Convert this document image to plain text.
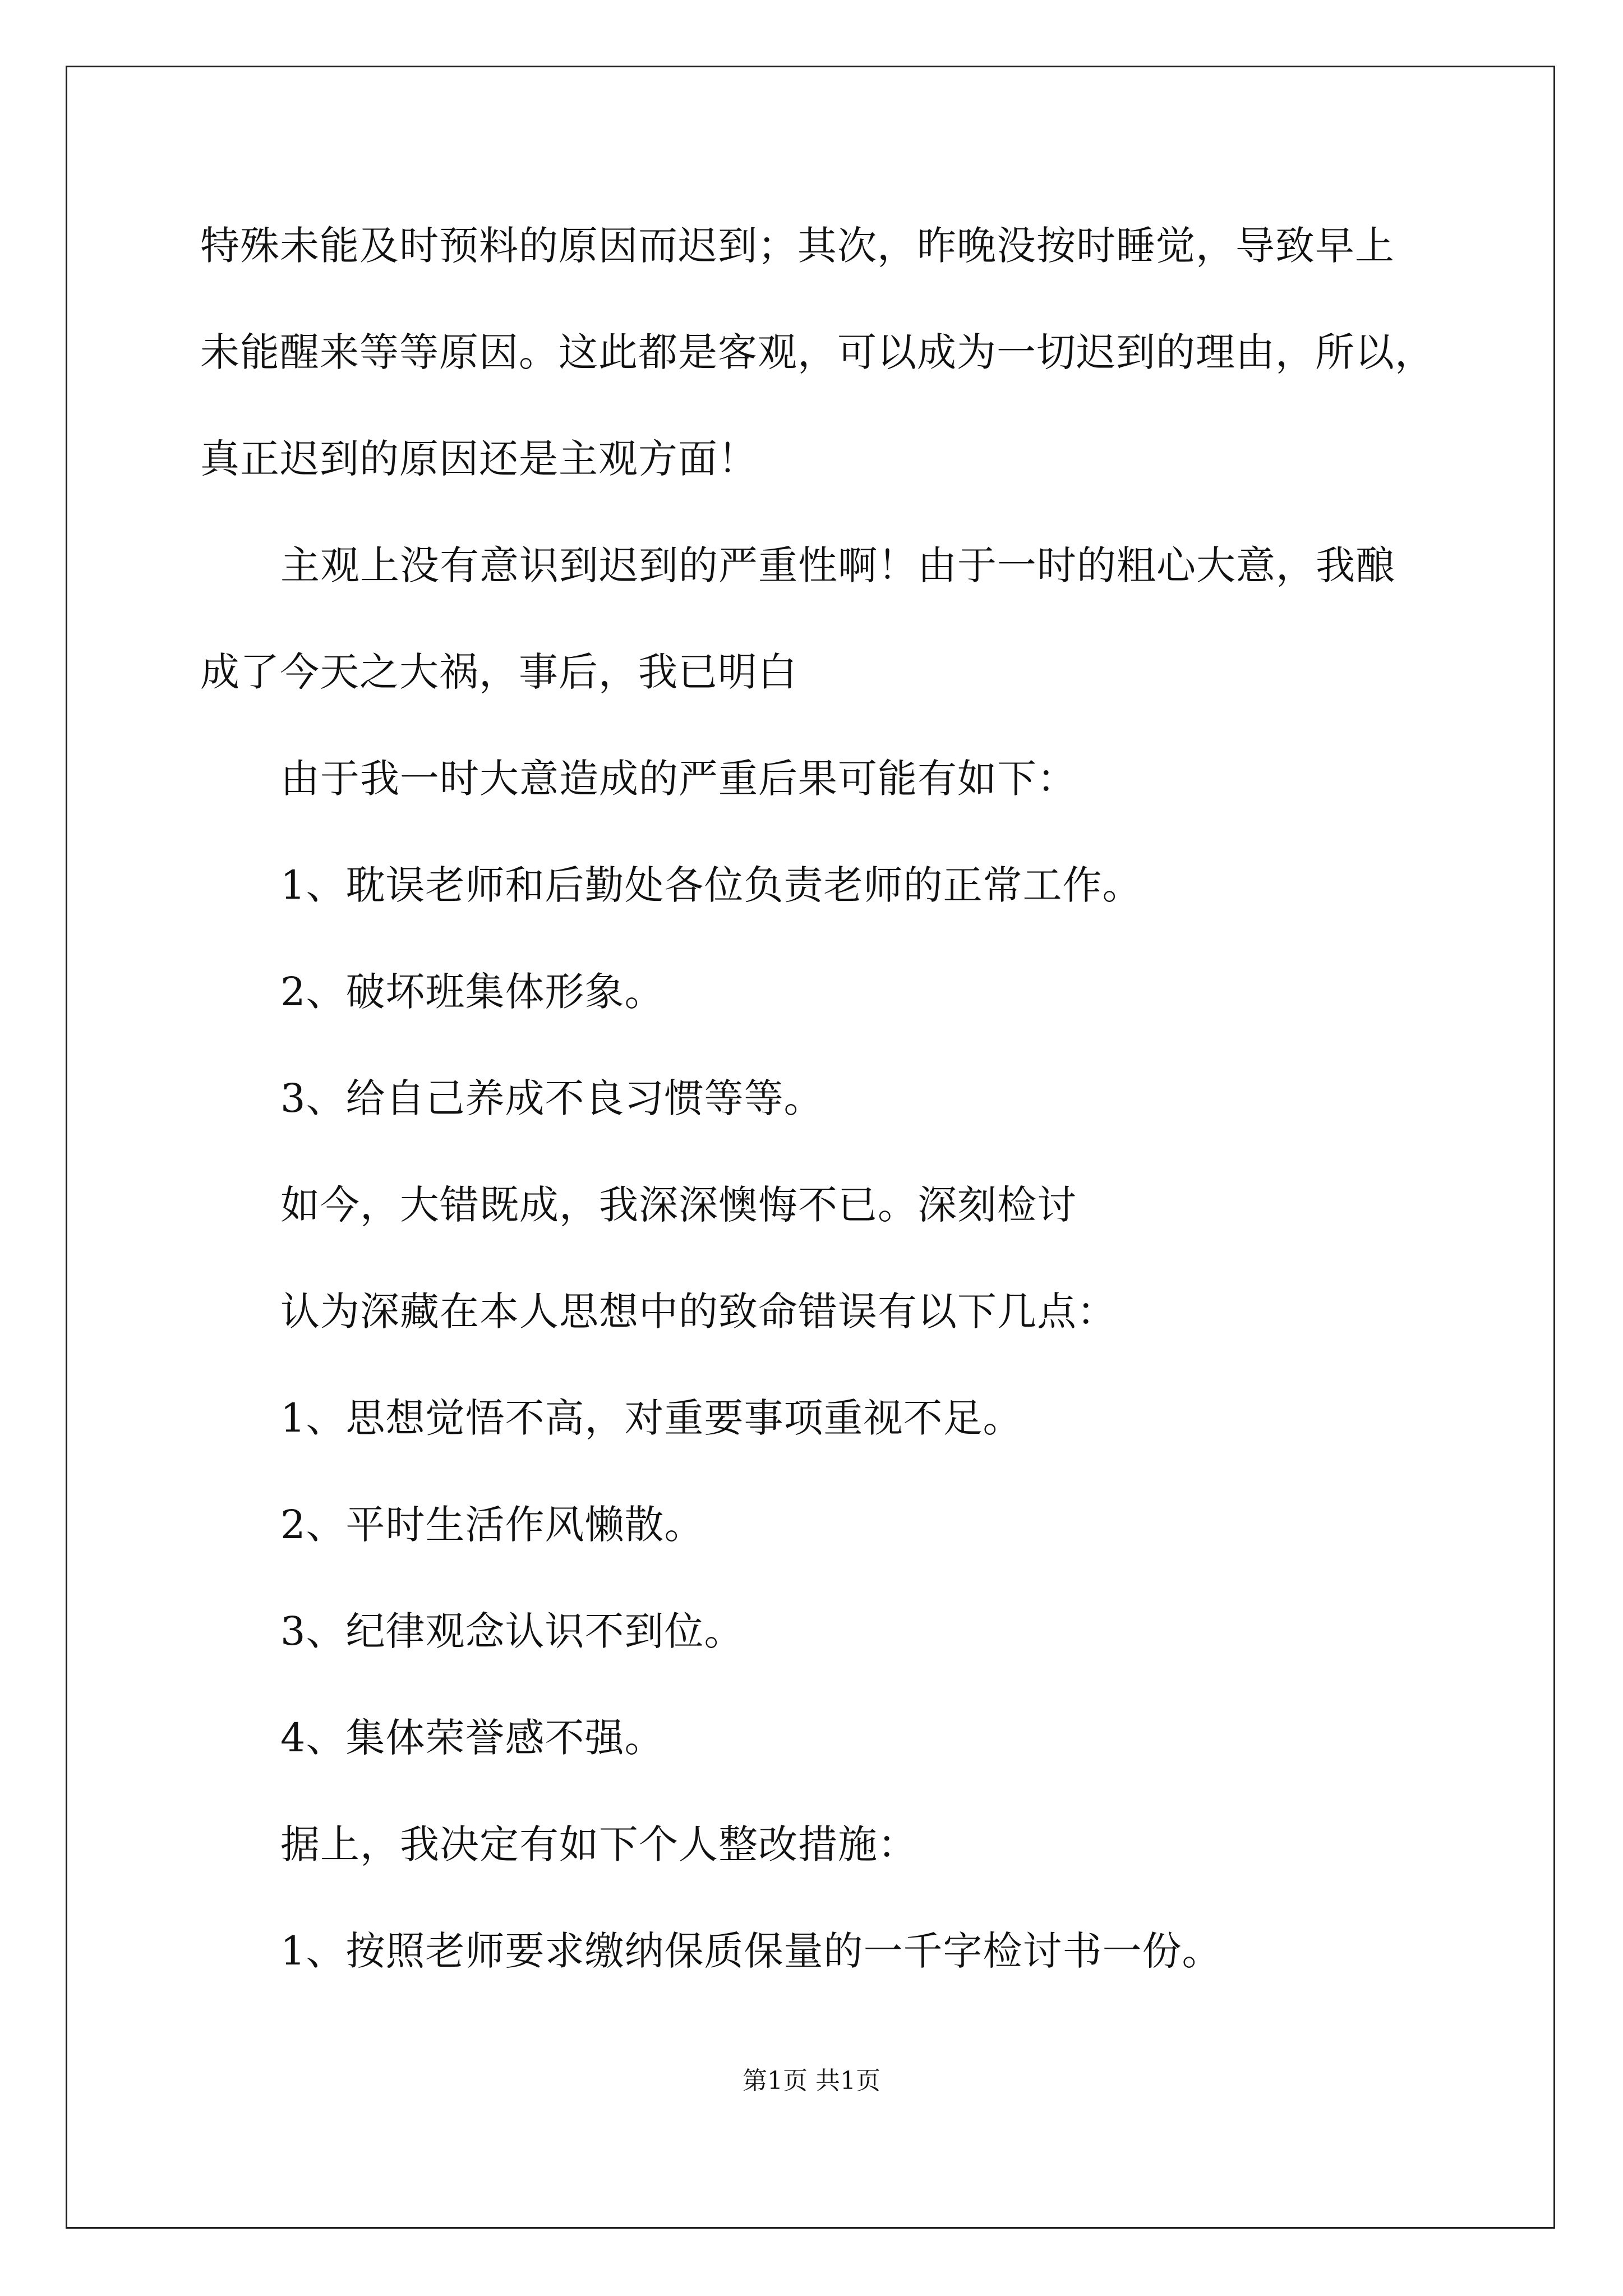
特殊未能及时预料的原因而迟到；其次，昨晚没按时睡觉，导致早上
未能醒来等等原因。这此都是客观，可以成为一切迟到的理由，所以，
真正迟到的原因还是主观方面！
主观上没有意识到迟到的严重性啊！由于一时的粗心大意，我酿
成了今天之大祸，事后，我已明白
由于我一时大意造成的严重后果可能有如下：
1、耽误老师和后勤处各位负责老师的正常工作。
2、破坏班集体形象。
3、给自己养成不良习惯等等。
如今，大错既成，我深深懊悔不已。深刻检讨
认为深藏在本人思想中的致命错误有以下几点：
1、思想觉悟不高，对重要事项重视不足。
2、平时生活作风懒散。
3、纪律观念认识不到位。
4、集体荣誉感不强。
据上，我决定有如下个人整改措施：
1、按照老师要求缴纳保质保量的一千字检讨书一份。
第1页 共1页
